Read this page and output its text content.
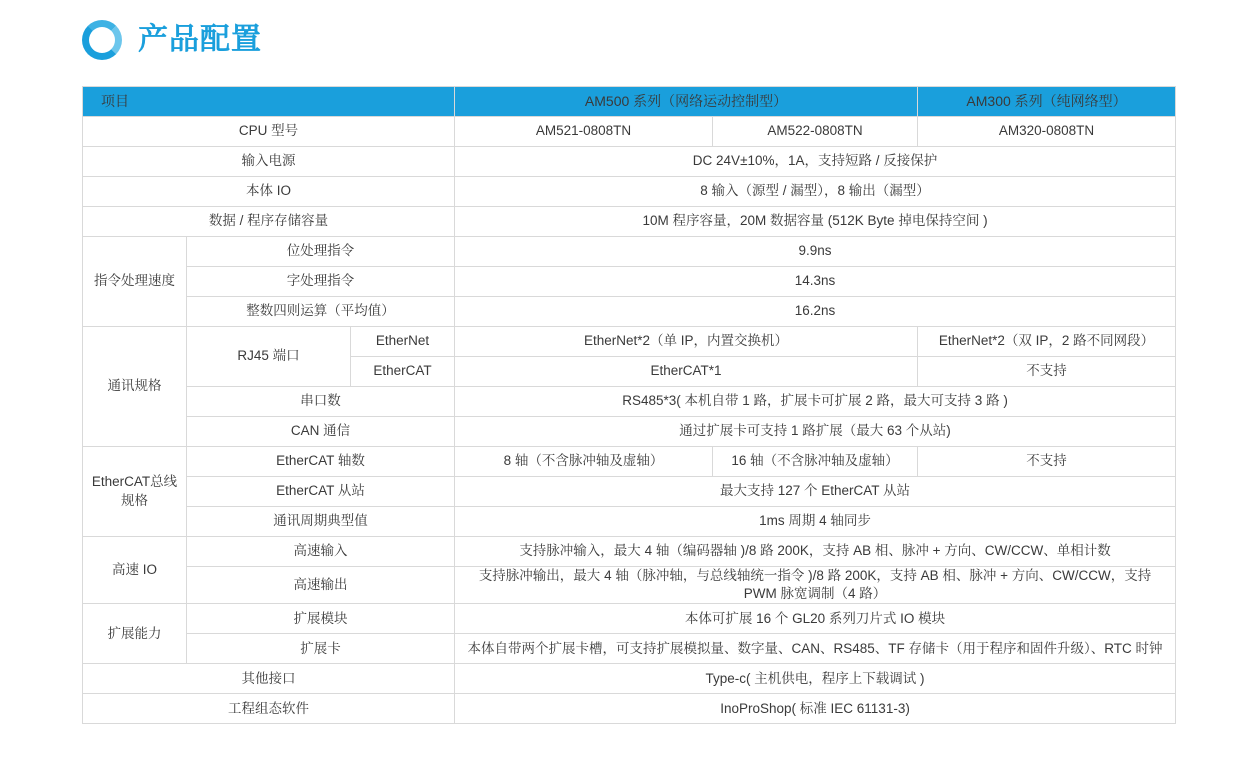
产品配置
项目			AM500 系列（网络运动控制型）		AM300 系列（纯网络型）
CPU 型号			AM521-0808TN	AM522-0808TN	AM320-0808TN
输入电源			DC 24V±10%，1A，支持短路 / 反接保护		
本体 IO			8 输入（源型 / 漏型），8 输出（漏型）		
数据 / 程序存储容量			10M 程序容量，20M 数据容量 (512K Byte 掉电保持空间 )		
指令处理速度	位处理指令		9.9ns		
	字处理指令		14.3ns		
	整数四则运算（平均值）		16.2ns		
通讯规格	RJ45 端口	EtherNet	EtherNet*2（单 IP，内置交换机）		EtherNet*2（双 IP，2 路不同网段）
		EtherCAT	EtherCAT*1		不支持
	串口数		RS485*3( 本机自带 1 路，扩展卡可扩展 2 路，最大可支持 3 路 )		
	CAN 通信		通过扩展卡可支持 1 路扩展（最大 63 个从站)		
EtherCAT总线规格	EtherCAT 轴数		8 轴（不含脉冲轴及虚轴）	16 轴（不含脉冲轴及虚轴）	不支持
	EtherCAT 从站		最大支持 127 个 EtherCAT 从站		
	通讯周期典型值		1ms 周期 4 轴同步		
高速 IO	高速输入		支持脉冲输入，最大 4 轴（编码器轴 )/8 路 200K，支持 AB 相、脉冲 + 方向、CW/CCW、单相计数		
	高速输出		支持脉冲输出，最大 4 轴（脉冲轴，与总线轴统一指令 )/8 路 200K，支持 AB 相、脉冲 + 方向、CW/CCW，支持 PWM 脉宽调制（4 路）		
扩展能力	扩展模块		本体可扩展 16 个 GL20 系列刀片式 IO 模块		
	扩展卡		本体自带两个扩展卡槽，可支持扩展模拟量、数字量、CAN、RS485、TF 存储卡（用于程序和固件升级）、RTC 时钟		
其他接口			Type-c( 主机供电，程序上下载调试 )		
工程组态软件			InoProShop( 标准 IEC 61131-3)		
